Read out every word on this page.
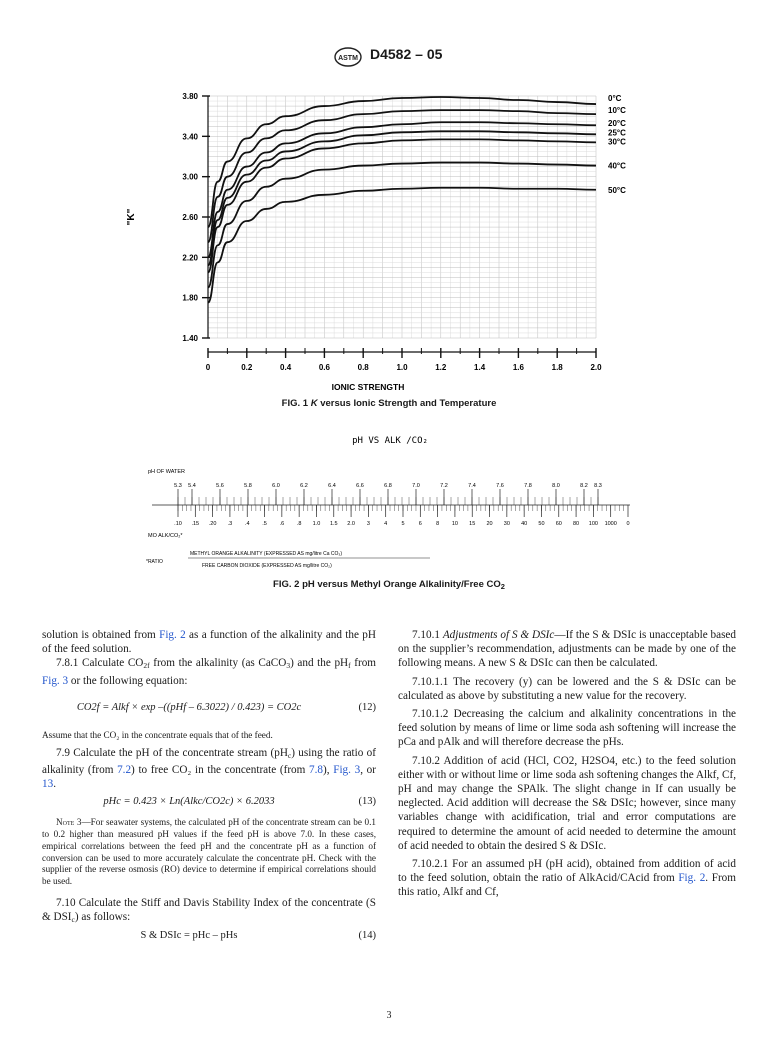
ASTM D4582 – 05
1.40
1.80
2.20
2.60
3.00
3.40
3.80
0	0.2	0.4	0.6	0.8	1.0	1.2	1.4	1.6	1.8	2.0
0°C
10°C
20°C
25°C
30°C
40°C
50°C
"K"
IONIC STRENGTH
FIG. 1 K versus Ionic Strength and Temperature
pH VS ALK /CO₂
pH OF WATER
5.3 5.4	5.6	5.8	6.0	6.2	6.4	6.6	6.8	7.0	7.2	7.4	7.6	7.8	8.0	8.2 8.3
.10 .15 .20 .3 .4 .5 .6 .8 1.0 1.5 2.0 3	4	5	6	8 10 15 20 30 40 50 60 80 100 1000 0
MO ALK/CO₂*
*RATIO
METHYL ORANGE ALKALINITY (EXPRESSED AS mg/litre Ca CO₃)
FREE CARBON DIOXIDE (EXPRESSED AS mg/litre CO₂)
FIG. 2 pH versus Methyl Orange Alkalinity/Free $CO_2$

solution is obtained from Fig. 2 as a function of the alkalinity and the pH of the feed solution.

7.8.1 Calculate $CO_{2f}$ from the alkalinity (as CaCO$_3$) and the $pH_f$ from Fig. 3 or the following equation:

CO2f = Alkf × exp –((pHf – 6.3022) / 0.423) = CO2c	(12)

Assume that the CO₂ in the concentrate equals that of the feed.

7.9 Calculate the pH of the concentrate stream $(pH_c)$ using the ratio of alkalinity (from 7.2) to free CO₂ in the concentrate (from 7.8), Fig. 3, or 13.

pHc = 0.423 × Ln(Alkc/CO2c) × 6.2033	(13)

Note 3—For seawater systems, the calculated pH of the concentrate stream can be 0.1 to 0.2 higher than measured pH values if the feed pH is above 7.0. In these cases, empirical correlations between the feed pH and the concentrate pH as a function of conversion can be used to more accurately calculate the concentrate pH. Check with the supplier of the reverse osmosis (RO) device to determine if empirical correlations should be used.

7.10 Calculate the Stiff and Davis Stability Index of the concentrate (S & $DSI_c$) as follows:

S & DSIc = pHc – pHs	(14)

7.10.1 Adjustments of S & DSIc—If the S & DSIc is unacceptable based on the supplier’s recommendation, adjustments can be made by one of the following means. A new S & DSIc can then be calculated.

7.10.1.1 The recovery (y) can be lowered and the S & DSIc can be calculated as above by substituting a new value for the recovery.

7.10.1.2 Decreasing the calcium and alkalinity concentrations in the feed solution by means of lime or lime soda ash softening will increase the pCa and pAlk and will therefore decrease the pHs.

7.10.2 Addition of acid (HCl, CO2, H2SO4, etc.) to the feed solution either with or without lime or lime soda ash softening changes the Alkf, Cf, pH and may change the SPAlk. The slight change in If can usually be neglected. Acid addition will decrease the S& DSIc; however, since many variables change with acidification, trial and error computations are required to determine the amount of acid needed to determine the amount of acid needed to obtain the desired S & DSIc.

7.10.2.1 For an assumed pH (pH acid), obtained from addition of acid to the feed solution, obtain the ratio of AlkAcid/CAcid from Fig. 2. From this ratio, Alkf and Cf,

3
